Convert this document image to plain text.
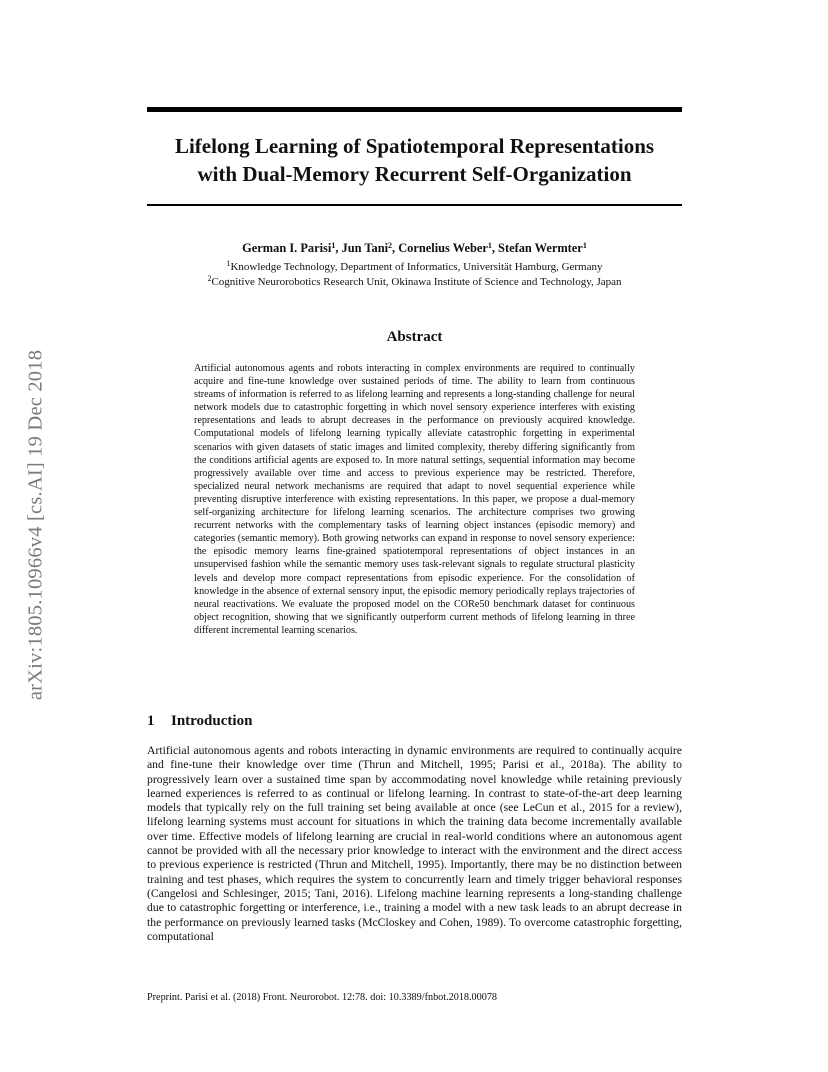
arXiv:1805.10966v4 [cs.AI] 19 Dec 2018
Lifelong Learning of Spatiotemporal Representations
with Dual-Memory Recurrent Self-Organization
German I. Parisi$^1$, Jun Tani$^2$, Cornelius Weber$^1$, Stefan Wermter$^1$
$^1$Knowledge Technology, Department of Informatics, Universität Hamburg, Germany
$^2$Cognitive Neurorobotics Research Unit, Okinawa Institute of Science and Technology, Japan
Abstract
Artificial autonomous agents and robots interacting in complex environments are required to continually acquire and fine-tune knowledge over sustained periods of time. The ability to learn from continuous streams of information is referred to as lifelong learning and represents a long-standing challenge for neural network models due to catastrophic forgetting in which novel sensory experience interferes with existing representations and leads to abrupt decreases in the performance on previously acquired knowledge. Computational models of lifelong learning typically alleviate catastrophic forgetting in experimental scenarios with given datasets of static images and limited complexity, thereby differing significantly from the conditions artificial agents are exposed to. In more natural settings, sequential information may become progressively available over time and access to previous experience may be restricted. Therefore, specialized neural network mechanisms are required that adapt to novel sequential experience while preventing disruptive interference with existing representations. In this paper, we propose a dual-memory self-organizing architecture for lifelong learning scenarios. The architecture comprises two growing recurrent networks with the complementary tasks of learning object instances (episodic memory) and categories (semantic memory). Both growing networks can expand in response to novel sensory experience: the episodic memory learns fine-grained spatiotemporal representations of object instances in an unsupervised fashion while the semantic memory uses task-relevant signals to regulate structural plasticity levels and develop more compact representations from episodic experience. For the consolidation of knowledge in the absence of external sensory input, the episodic memory periodically replays trajectories of neural reactivations. We evaluate the proposed model on the CORe50 benchmark dataset for continuous object recognition, showing that we significantly outperform current methods of lifelong learning in three different incremental learning scenarios.
1 Introduction
Artificial autonomous agents and robots interacting in dynamic environments are required to continually acquire and fine-tune their knowledge over time (Thrun and Mitchell, 1995; Parisi et al., 2018a). The ability to progressively learn over a sustained time span by accommodating novel knowledge while retaining previously learned experiences is referred to as continual or lifelong learning. In contrast to state-of-the-art deep learning models that typically rely on the full training set being available at once (see LeCun et al., 2015 for a review), lifelong learning systems must account for situations in which the training data become incrementally available over time. Effective models of lifelong learning are crucial in real-world conditions where an autonomous agent cannot be provided with all the necessary prior knowledge to interact with the environment and the direct access to previous experience is restricted (Thrun and Mitchell, 1995). Importantly, there may be no distinction between training and test phases, which requires the system to concurrently learn and timely trigger behavioral responses (Cangelosi and Schlesinger, 2015; Tani, 2016). Lifelong machine learning represents a long-standing challenge due to catastrophic forgetting or interference, i.e., training a model with a new task leads to an abrupt decrease in the performance on previously learned tasks (McCloskey and Cohen, 1989). To overcome catastrophic forgetting, computational
Preprint. Parisi et al. (2018) Front. Neurorobot. 12:78. doi: 10.3389/fnbot.2018.00078
